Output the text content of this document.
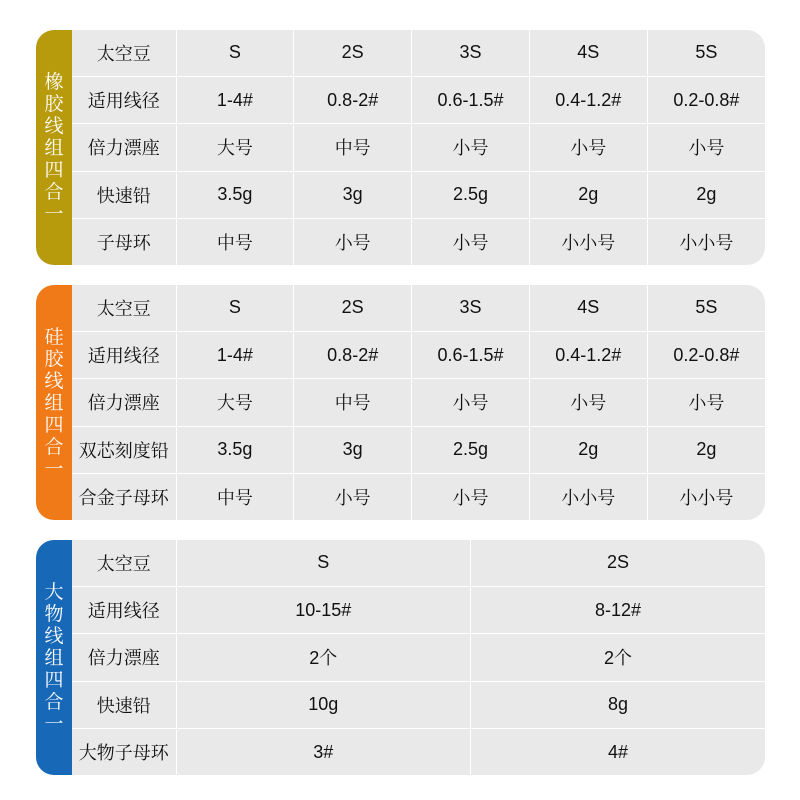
橡
胶
线
组
四
合
一
太空豆	S	2S	3S	4S	5S
适用线径	1-4#	0.8-2#	0.6-1.5#	0.4-1.2#	0.2-0.8#
倍力漂座	大号	中号	小号	小号	小号
快速铅	3.5g	3g	2.5g	2g	2g
子母环	中号	小号	小号	小小号	小小号
硅
胶
线
组
四
合
一
太空豆	S	2S	3S	4S	5S
适用线径	1-4#	0.8-2#	0.6-1.5#	0.4-1.2#	0.2-0.8#
倍力漂座	大号	中号	小号	小号	小号
双芯刻度铅	3.5g	3g	2.5g	2g	2g
合金子母环	中号	小号	小号	小小号	小小号
大
物
线
组
四
合
一
太空豆	S	2S
适用线径	10-15#	8-12#
倍力漂座	2个	2个
快速铅	10g	8g
大物子母环	3#	4#
